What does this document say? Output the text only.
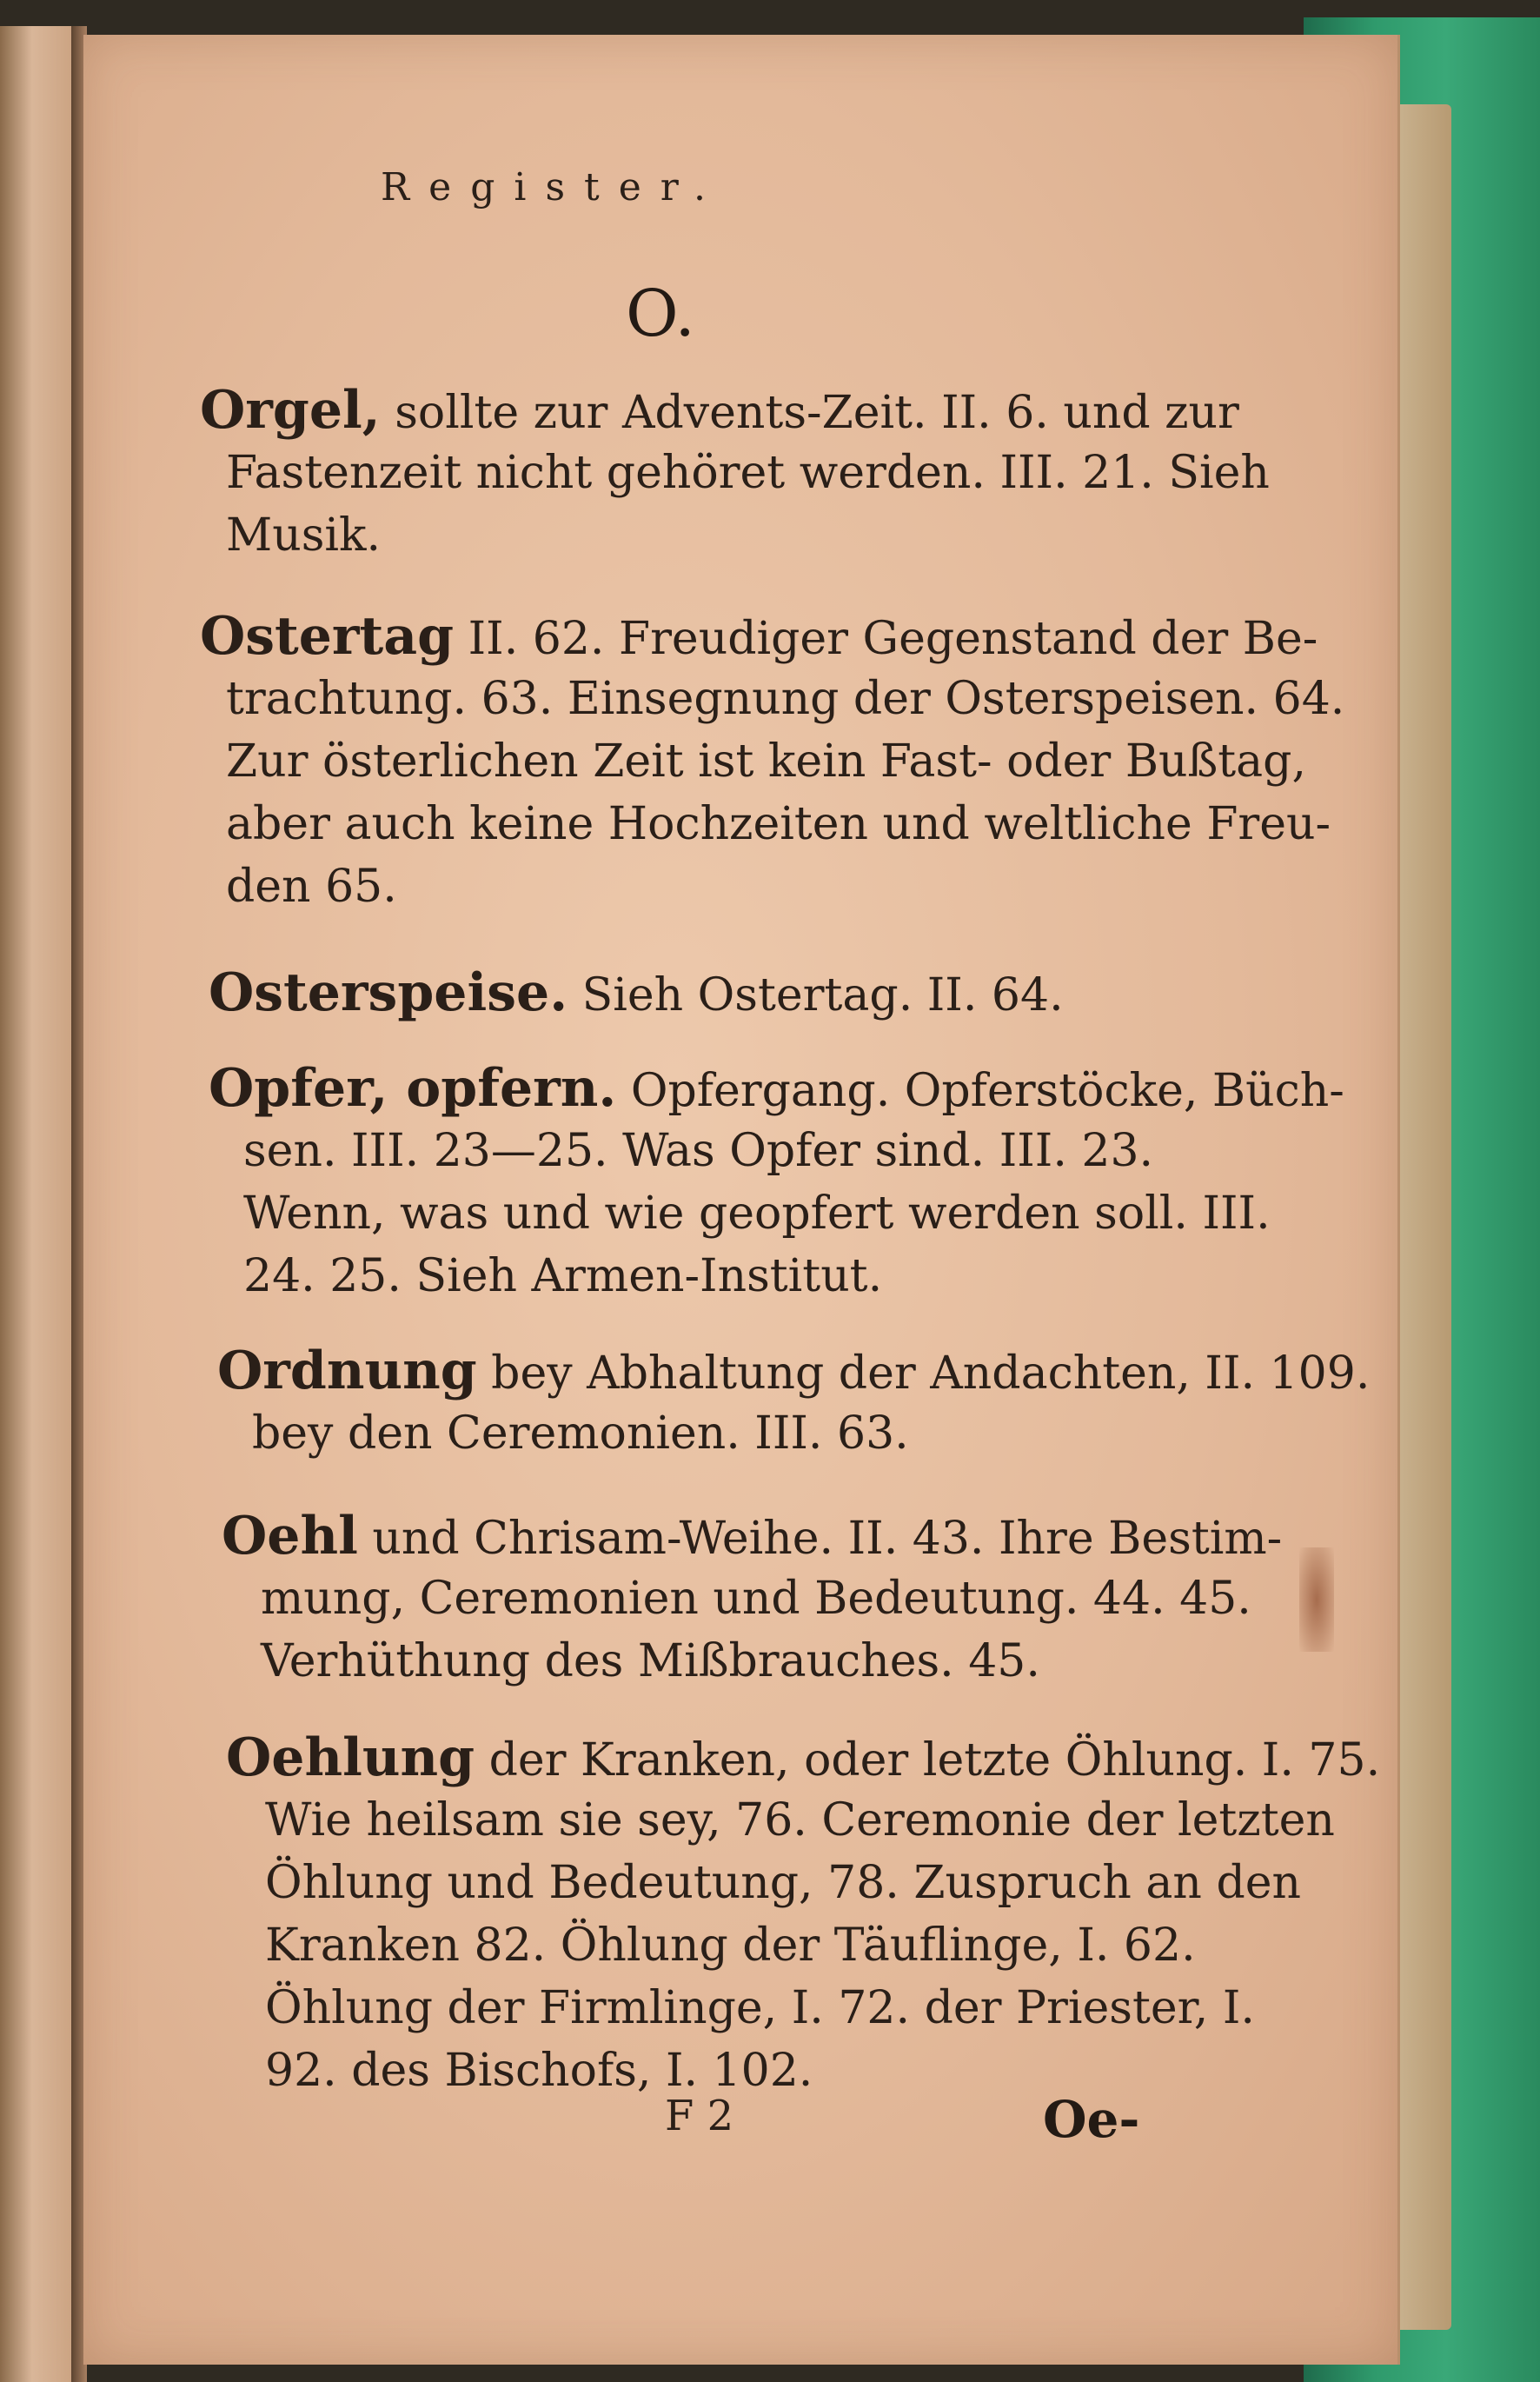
Register.
O.
Orgel, sollte zur Advents-Zeit. II. 6. und zur
Fastenzeit nicht gehöret werden. III. 21. Sieh
Musik.
Ostertag II. 62. Freudiger Gegenstand der Be-
trachtung. 63. Einsegnung der Osterspeisen. 64.
Zur österlichen Zeit ist kein Fast- oder Bußtag,
aber auch keine Hochzeiten und weltliche Freu-
den 65.
Osterspeise. Sieh Ostertag. II. 64.
Opfer, opfern. Opfergang. Opferstöcke, Büch-
sen. III. 23—25. Was Opfer sind. III. 23.
Wenn, was und wie geopfert werden soll. III.
24. 25. Sieh Armen-Institut.
Ordnung bey Abhaltung der Andachten, II. 109.
bey den Ceremonien. III. 63.
Oehl und Chrisam-Weihe. II. 43. Ihre Bestim-
mung, Ceremonien und Bedeutung. 44. 45.
Verhüthung des Mißbrauches. 45.
Oehlung der Kranken, oder letzte Öhlung. I. 75.
Wie heilsam sie sey, 76. Ceremonie der letzten
Öhlung und Bedeutung, 78. Zuspruch an den
Kranken 82. Öhlung der Täuflinge, I. 62.
Öhlung der Firmlinge, I. 72. der Priester, I.
92. des Bischofs, I. 102.
F 2	Oe-
